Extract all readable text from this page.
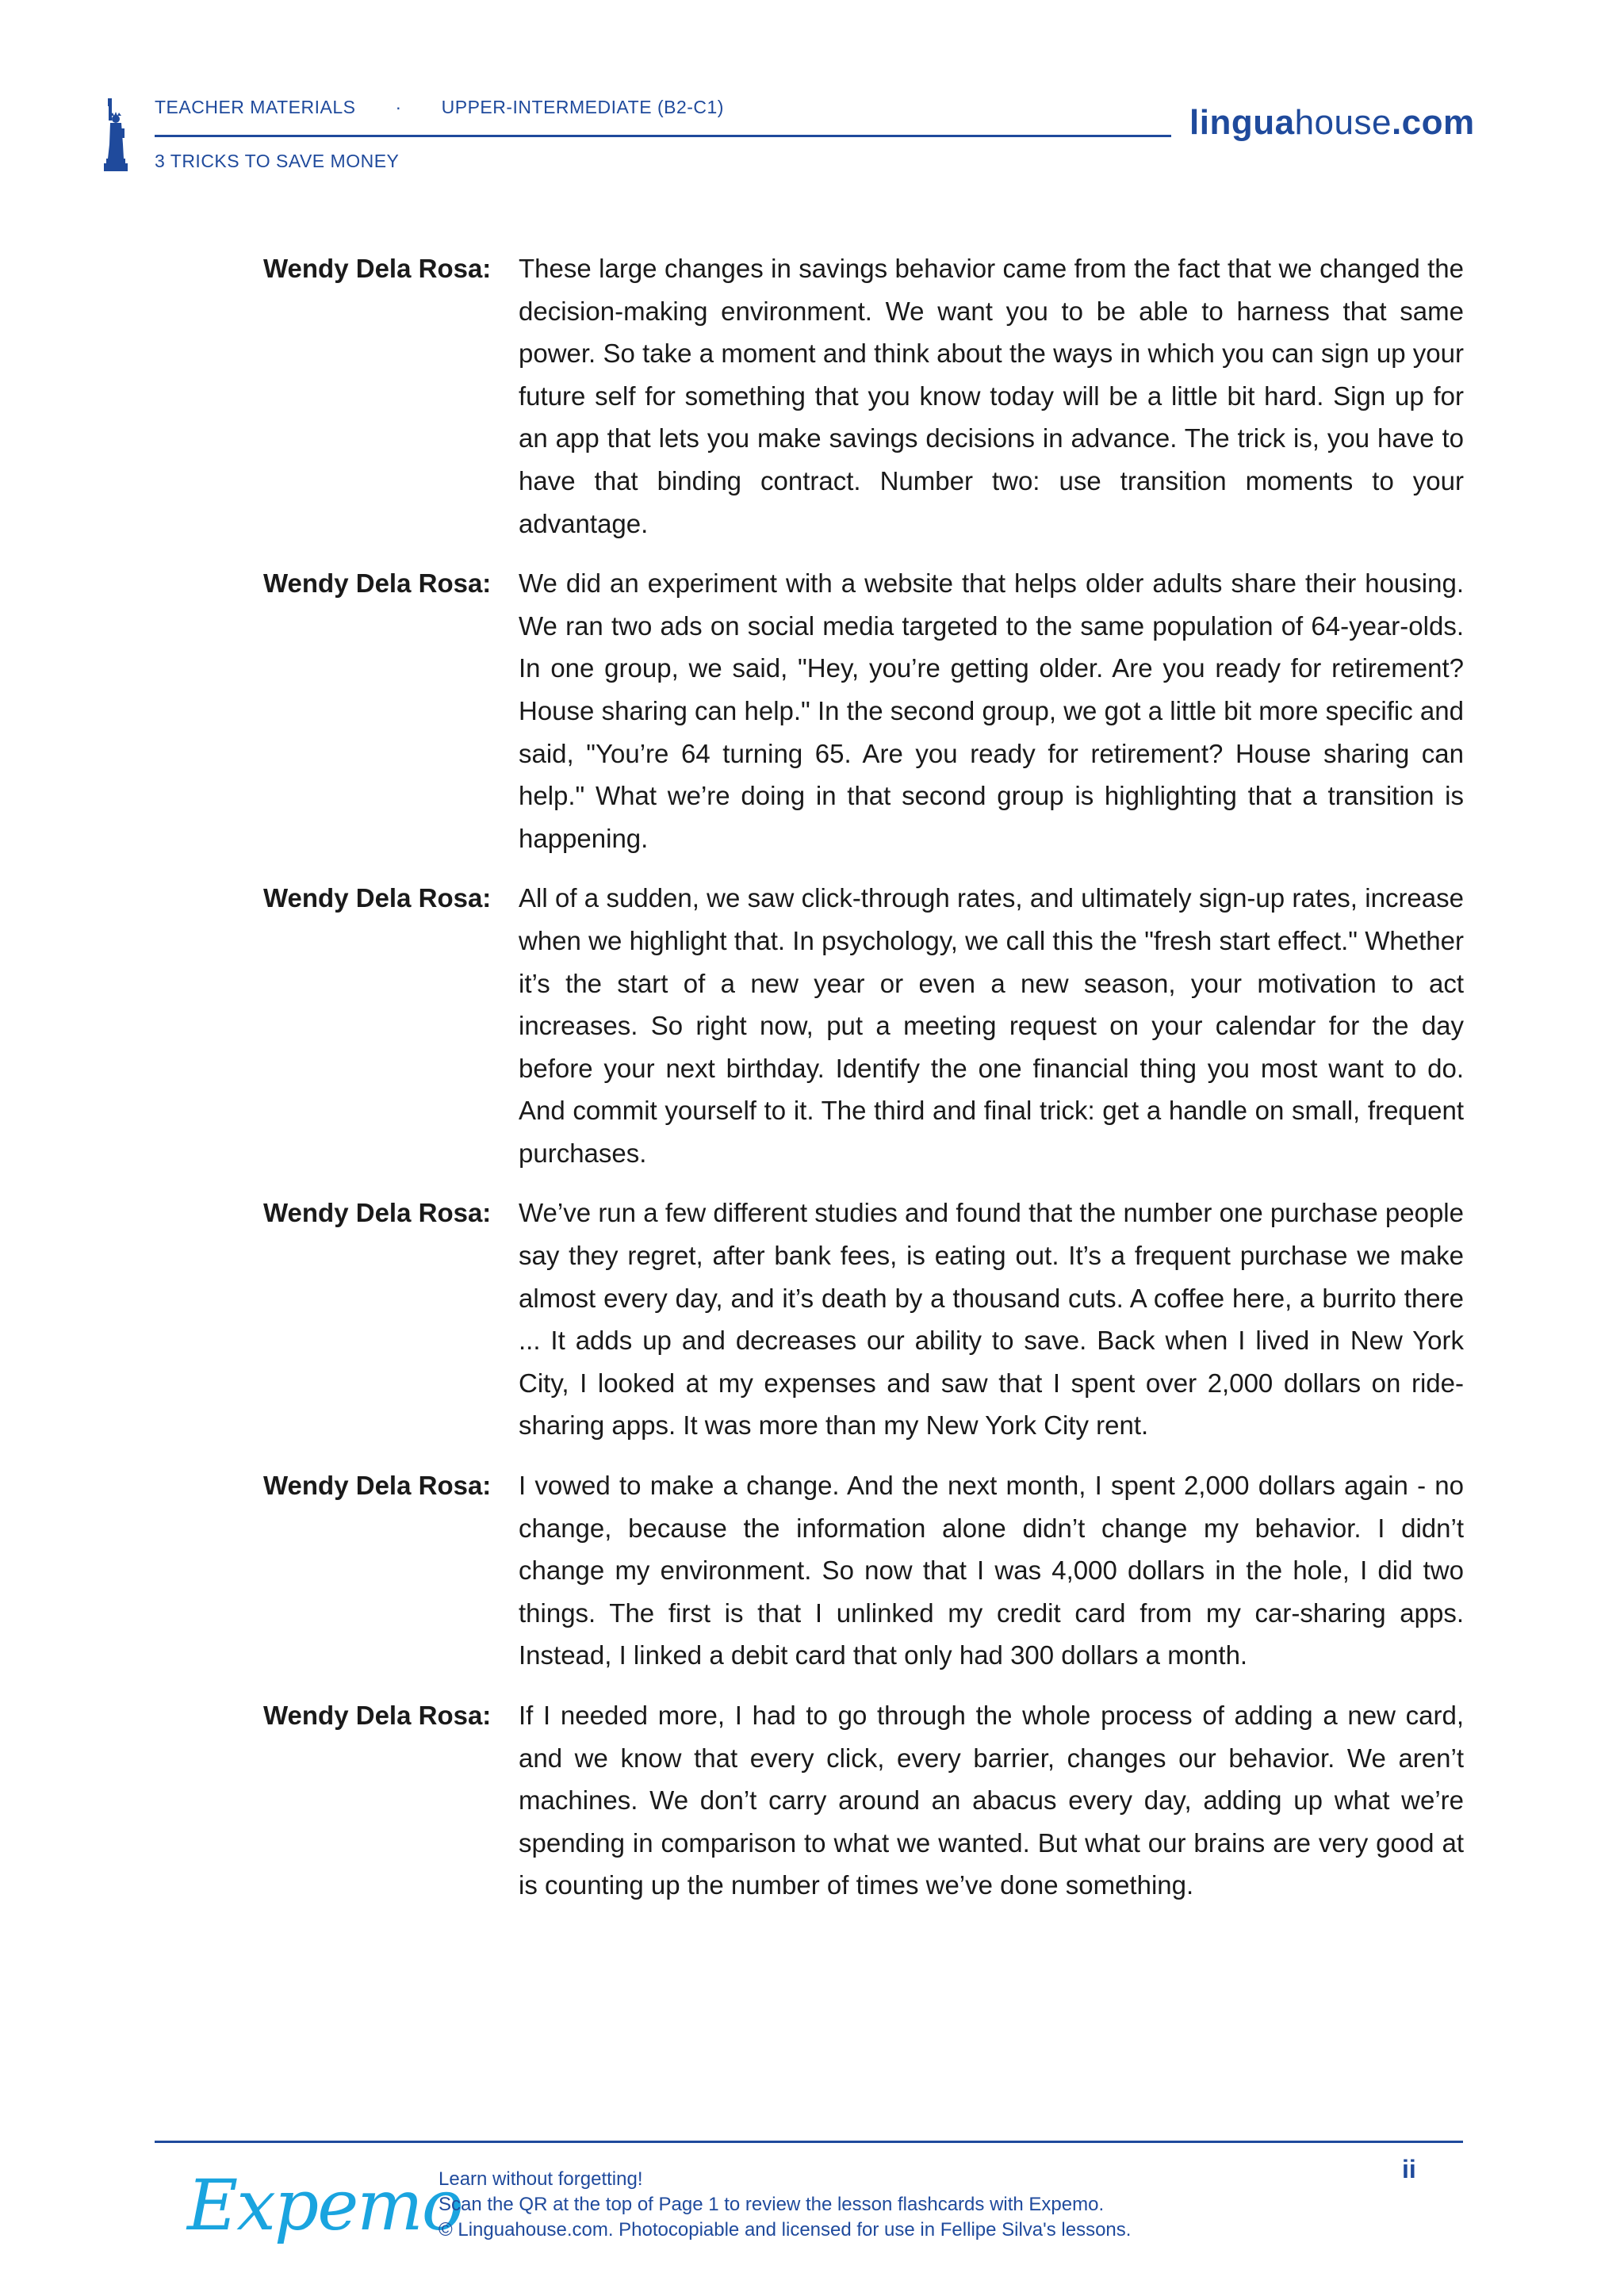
TEACHER MATERIALS · UPPER-INTERMEDIATE (B2-C1)
3 TRICKS TO SAVE MONEY
linguahouse.com
Wendy Dela Rosa:	These large changes in savings behavior came from the fact that we changed the decision-making environment. We want you to be able to harness that same power. So take a moment and think about the ways in which you can sign up your future self for something that you know today will be a little bit hard. Sign up for an app that lets you make savings decisions in advance. The trick is, you have to have that binding contract. Number two: use transition moments to your advantage.
Wendy Dela Rosa:	We did an experiment with a website that helps older adults share their housing. We ran two ads on social media targeted to the same population of 64-year-olds. In one group, we said, "Hey, you’re getting older. Are you ready for retirement? House sharing can help." In the second group, we got a little bit more specific and said, "You’re 64 turning 65. Are you ready for retirement? House sharing can help." What we’re doing in that second group is highlighting that a transition is happening.
Wendy Dela Rosa:	All of a sudden, we saw click-through rates, and ultimately sign-up rates, increase when we highlight that. In psychology, we call this the "fresh start effect." Whether it’s the start of a new year or even a new season, your motivation to act increases. So right now, put a meeting request on your calendar for the day before your next birthday. Identify the one financial thing you most want to do. And commit yourself to it. The third and final trick: get a handle on small, frequent purchases.
Wendy Dela Rosa:	We’ve run a few different studies and found that the number one purchase people say they regret, after bank fees, is eating out. It’s a frequent purchase we make almost every day, and it’s death by a thousand cuts. A coffee here, a burrito there ... It adds up and decreases our ability to save. Back when I lived in New York City, I looked at my expenses and saw that I spent over 2,000 dollars on ride-sharing apps. It was more than my New York City rent.
Wendy Dela Rosa:	I vowed to make a change. And the next month, I spent 2,000 dollars again - no change, because the information alone didn’t change my behavior. I didn’t change my environment. So now that I was 4,000 dollars in the hole, I did two things. The first is that I unlinked my credit card from my car-sharing apps. Instead, I linked a debit card that only had 300 dollars a month.
Wendy Dela Rosa:	If I needed more, I had to go through the whole process of adding a new card, and we know that every click, every barrier, changes our behavior. We aren’t machines. We don’t carry around an abacus every day, adding up what we’re spending in comparison to what we wanted. But what our brains are very good at is counting up the number of times we’ve done something.
Expemo
Learn without forgetting!
Scan the QR at the top of Page 1 to review the lesson flashcards with Expemo.
© Linguahouse.com. Photocopiable and licensed for use in Fellipe Silva's lessons.
ii
